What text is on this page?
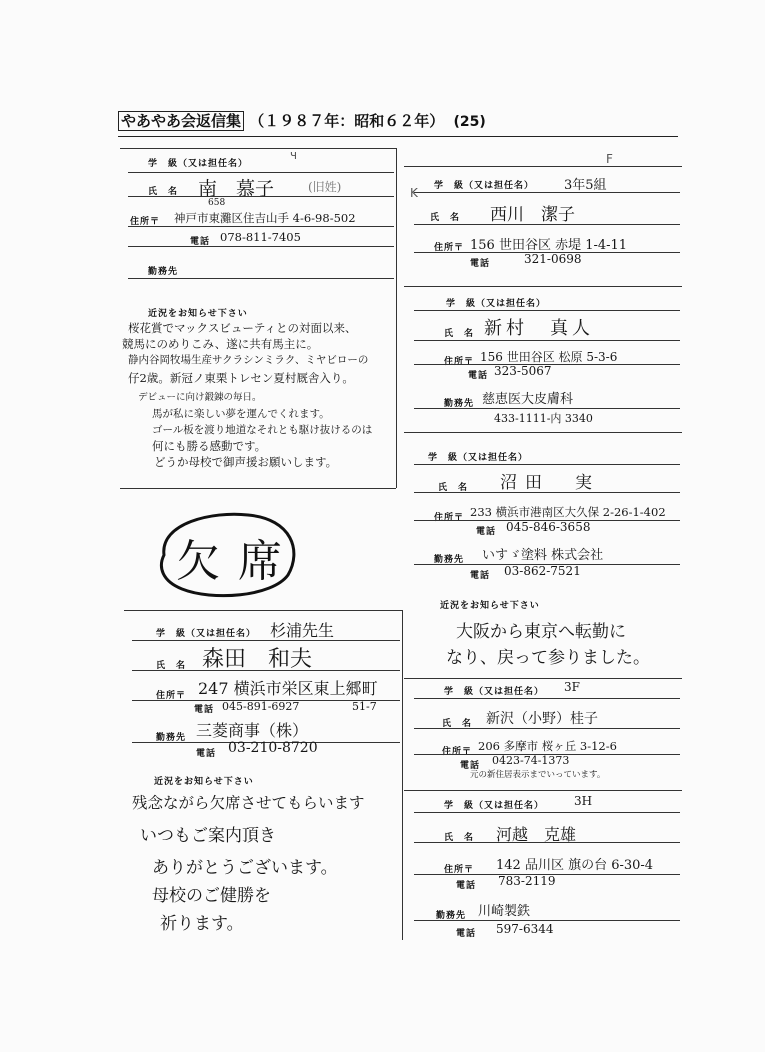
やあやあ会返信集 （１９８７年：昭和６２年） (25)
学　級（又は担任名）
氏　名 南　慕子	(旧姓)
658
住所〒 神戸市東灘区住吉山手 4-6-98-502
電話 078-811-7405
勤務先
近況をお知らせ下さい
桜花賞でマックスビューティとの対面以来、
競馬にのめりこみ、遂に共有馬主に。
静内谷岡牧場生産サクラシンミラク、ミヤビローの
仔2歳。新冠ノ東栗トレセン夏村厩舎入り。
デビューに向け鍛錬の毎日。
馬が私に楽しい夢を運んでくれます。
ゴール板を渡り地道なそれとも駆け抜けるのは
何にも勝る感動です。
どうか母校で御声援お願いします。
欠席
学　級（又は担任名） 3年5組
氏　名 西川　潔子
住所〒 156 世田谷区 赤堤 1-4-11
電話	321-0698
学　級（又は担任名）
氏　名 新村　真人
住所〒 156 世田谷区 松原 5-3-6
電話 323-5067
勤務先 慈恵医大皮膚科
433-1111-内 3340
学　級（又は担任名）
氏　名 沼田　実
住所〒 233 横浜市港南区大久保 2-26-1-402
電話 045-846-3658
勤務先 いすゞ塗料 株式会社
電話 03-862-7521
近況をお知らせ下さい
大阪から東京へ転勤に
なり、戻って参りました。
学　級（又は担任名） 3F
氏　名 新沢（小野）桂子
住所〒 206 多摩市 桜ヶ丘 3-12-6
電話 0423-74-1373
元の新住居表示までいっています。
学　級（又は担任名） 3H
氏　名 河越　克雄
住所〒 142 品川区 旗の台 6-30-4
電話 783-2119
勤務先 川崎製鉄
電話 597-6344
学　級（又は担任名） 杉浦先生
氏　名 森田　和夫
住所〒 247 横浜市栄区東上郷町
電話 045-891-6927	51-7
勤務先 三菱商事（株）
電話 03-210-8720
近況をお知らせ下さい
残念ながら欠席させてもらいます
いつもご案内頂き
ありがとうございます。
母校のご健勝を
祈ります。
ч	F
K
